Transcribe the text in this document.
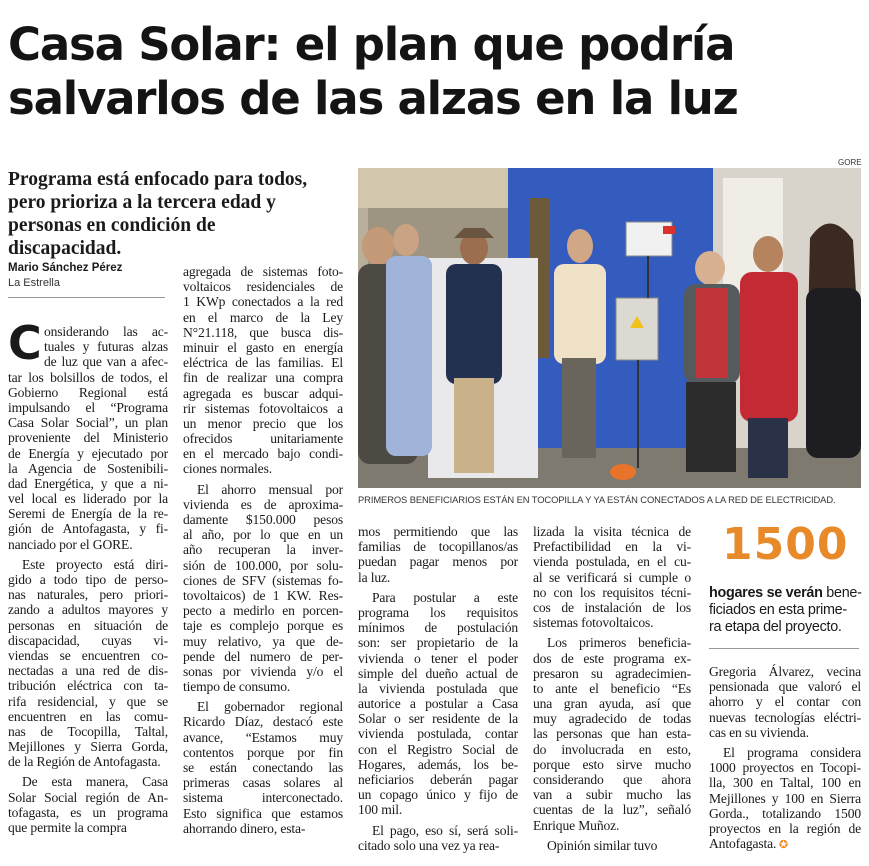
Casa Solar: el plan que podría
salvarlos de las alzas en la luz
Programa está enfocado para todos,
pero prioriza a la tercera edad y
personas en condición de
discapacidad.
Mario Sánchez Pérez
La Estrella
C onsiderando las ac-
tuales y futuras alzas
de luz que van a afec-
tar los bolsillos de todos, el
Gobierno Regional está
impulsando el “Programa
Casa Solar Social”, un plan
proveniente del Ministerio
de Energía y ejecutado por
la Agencia de Sostenibili-
dad Energética, y que a ni-
vel local es liderado por la
Seremi de Energía de la re-
gión de Antofagasta, y fi-
nanciado por el GORE.
Este proyecto está diri-
gido a todo tipo de perso-
nas naturales, pero priori-
zando a adultos mayores y
personas en situación de
discapacidad, cuyas vi-
viendas se encuentren co-
nectadas a una red de dis-
tribución eléctrica con ta-
rifa residencial, y que se
encuentren en las comu-
nas de Tocopilla, Taltal,
Mejillones y Sierra Gorda,
de la Región de Antofagasta.
De esta manera, Casa
Solar Social región de An-
tofagasta, es un programa
que permite la compra
agregada de sistemas foto-
voltaicos residenciales de
1 KWp conectados a la red
en el marco de la Ley
N°21.118, que busca dis-
minuir el gasto en energía
eléctrica de las familias. El
fin de realizar una compra
agregada es buscar adqui-
rir sistemas fotovoltaicos a
un menor precio que los
ofrecidos unitariamente
en el mercado bajo condi-
ciones normales.
El ahorro mensual por
vivienda es de aproxima-
damente $150.000 pesos
al año, por lo que en un
año recuperan la inver-
sión de 100.000, por solu-
ciones de SFV (sistemas fo-
tovoltaicos) de 1 KW. Res-
pecto a medirlo en porcen-
taje es complejo porque es
muy relativo, ya que de-
pende del numero de per-
sonas por vivienda y/o el
tiempo de consumo.
El gobernador regional
Ricardo Díaz, destacó este
avance, “Estamos muy
contentos porque por fin
se están conectando las
primeras casas solares al
sistema interconectado.
Esto significa que estamos
ahorrando dinero, esta-
mos permitiendo que las
familias de tocopillanos/as
puedan pagar menos por
la luz.
Para postular a este
programa los requisitos
mínimos de postulación
son: ser propietario de la
vivienda o tener el poder
simple del dueño actual de
la vivienda postulada que
autorice a postular a Casa
Solar o ser residente de la
vivienda postulada, contar
con el Registro Social de
Hogares, además, los be-
neficiarios deberán pagar
un copago único y fijo de
100 mil.
El pago, eso sí, será soli-
citado solo una vez ya rea-
lizada la visita técnica de
Prefactibilidad en la vi-
vienda postulada, en el cu-
al se verificará si cumple o
no con los requisitos técni-
cos de instalación de los
sistemas fotovoltaicos.
Los primeros beneficia-
dos de este programa ex-
presaron su agradecimien-
to ante el beneficio “Es
una gran ayuda, así que
muy agradecido de todas
las personas que han esta-
do involucrada en esto,
porque esto sirve mucho
considerando que ahora
van a subir mucho las
cuentas de la luz”, señaló
Enrique Muñoz.
Opinión similar tuvo
Gregoria Álvarez, vecina
pensionada que valoró el
ahorro y el contar con
nuevas tecnologías eléctri-
cas en su vivienda.
El programa considera
1000 proyectos en Tocopi-
lla, 300 en Taltal, 100 en
Mejillones y 100 en Sierra
Gorda., totalizando 1500
proyectos en la región de
Antofagasta. ✪
GORE
PRIMEROS BENEFICIARIOS ESTÁN EN TOCOPILLA Y YA ESTÁN CONECTADOS A LA RED DE ELECTRICIDAD.
1500
hogares se verán bene-
ficiados en esta prime-
ra etapa del proyecto.
